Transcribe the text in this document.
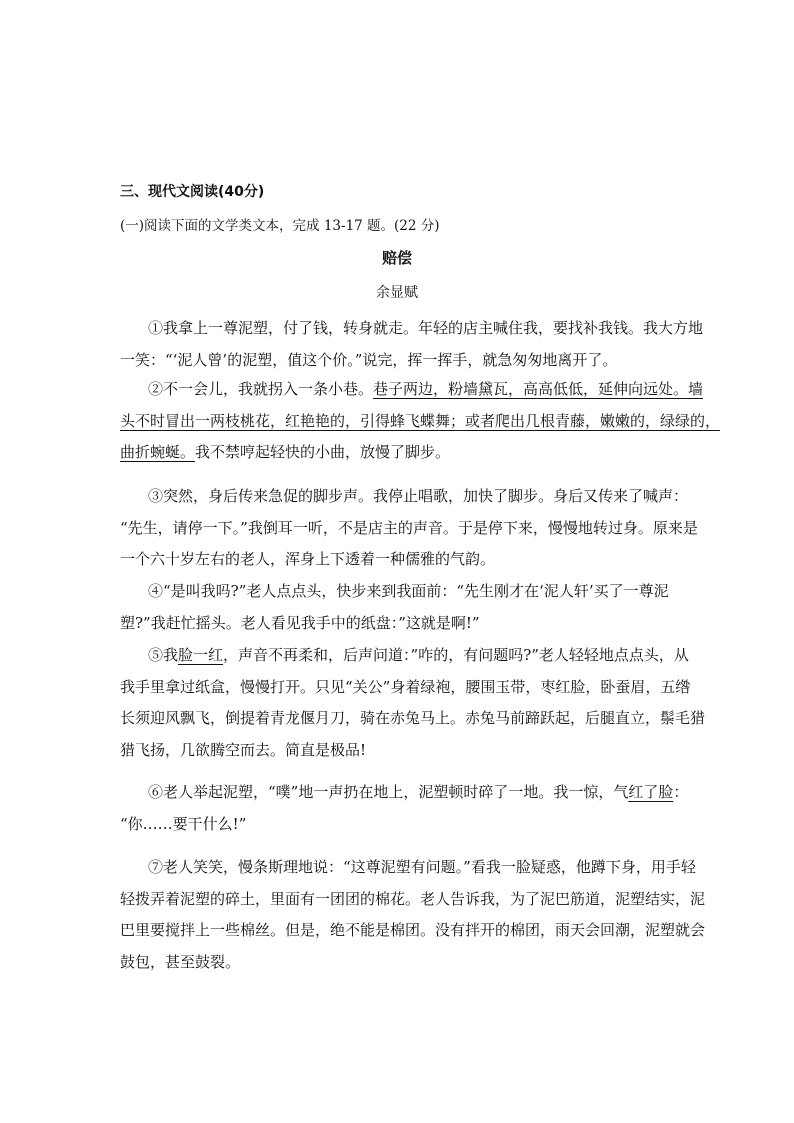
三、现代文阅读(40分)
(一)阅读下面的文学类文本，完成 13-17 题。(22 分)
赔偿
余显赋
①我拿上一尊泥塑，付了钱，转身就走。年轻的店主喊住我，要找补我钱。我大方地
一笑：“‘泥人曾’的泥塑，值这个价。”说完，挥一挥手，就急匆匆地离开了。
②不一会儿，我就拐入一条小巷。巷子两边，粉墙黛瓦，高高低低，延伸向远处。墙
头不时冒出一两枝桃花，红艳艳的，引得蜂飞蝶舞；或者爬出几根青藤，嫩嫩的，绿绿的，
曲折蜿蜒。我不禁哼起轻快的小曲，放慢了脚步。
③突然，身后传来急促的脚步声。我停止唱歌，加快了脚步。身后又传来了喊声：
“先生，请停一下。”我倒耳一听，不是店主的声音。于是停下来，慢慢地转过身。原来是
一个六十岁左右的老人，浑身上下透着一种儒雅的气韵。
④“是叫我吗?”老人点点头，快步来到我面前：“先生刚才在‘泥人轩’买了一尊泥
塑?”我赶忙摇头。老人看见我手中的纸盘：”这就是啊!”
⑤我脸一红，声音不再柔和，后声问道：”咋的，有问题吗?”老人轻轻地点点头，从
我手里拿过纸盒，慢慢打开。只见“关公”身着绿袍，腰围玉带，枣红脸，卧蚕眉，五绺
长须迎风飘飞，倒提着青龙偃月刀，骑在赤兔马上。赤兔马前蹄跃起，后腿直立，鬃毛猎
猎飞扬，几欲腾空而去。简直是极品!
⑥老人举起泥塑，“噗”地一声扔在地上，泥塑顿时碎了一地。我一惊，气红了脸：
“你……要干什么!”
⑦老人笑笑，慢条斯理地说：“这尊泥塑有问题。”看我一脸疑惑，他蹲下身，用手轻
轻拨弄着泥塑的碎土，里面有一团团的棉花。老人告诉我，为了泥巴筋道，泥塑结实，泥
巴里要搅拌上一些棉丝。但是，绝不能是棉团。没有拌开的棉团，雨天会回潮，泥塑就会
鼓包，甚至鼓裂。
